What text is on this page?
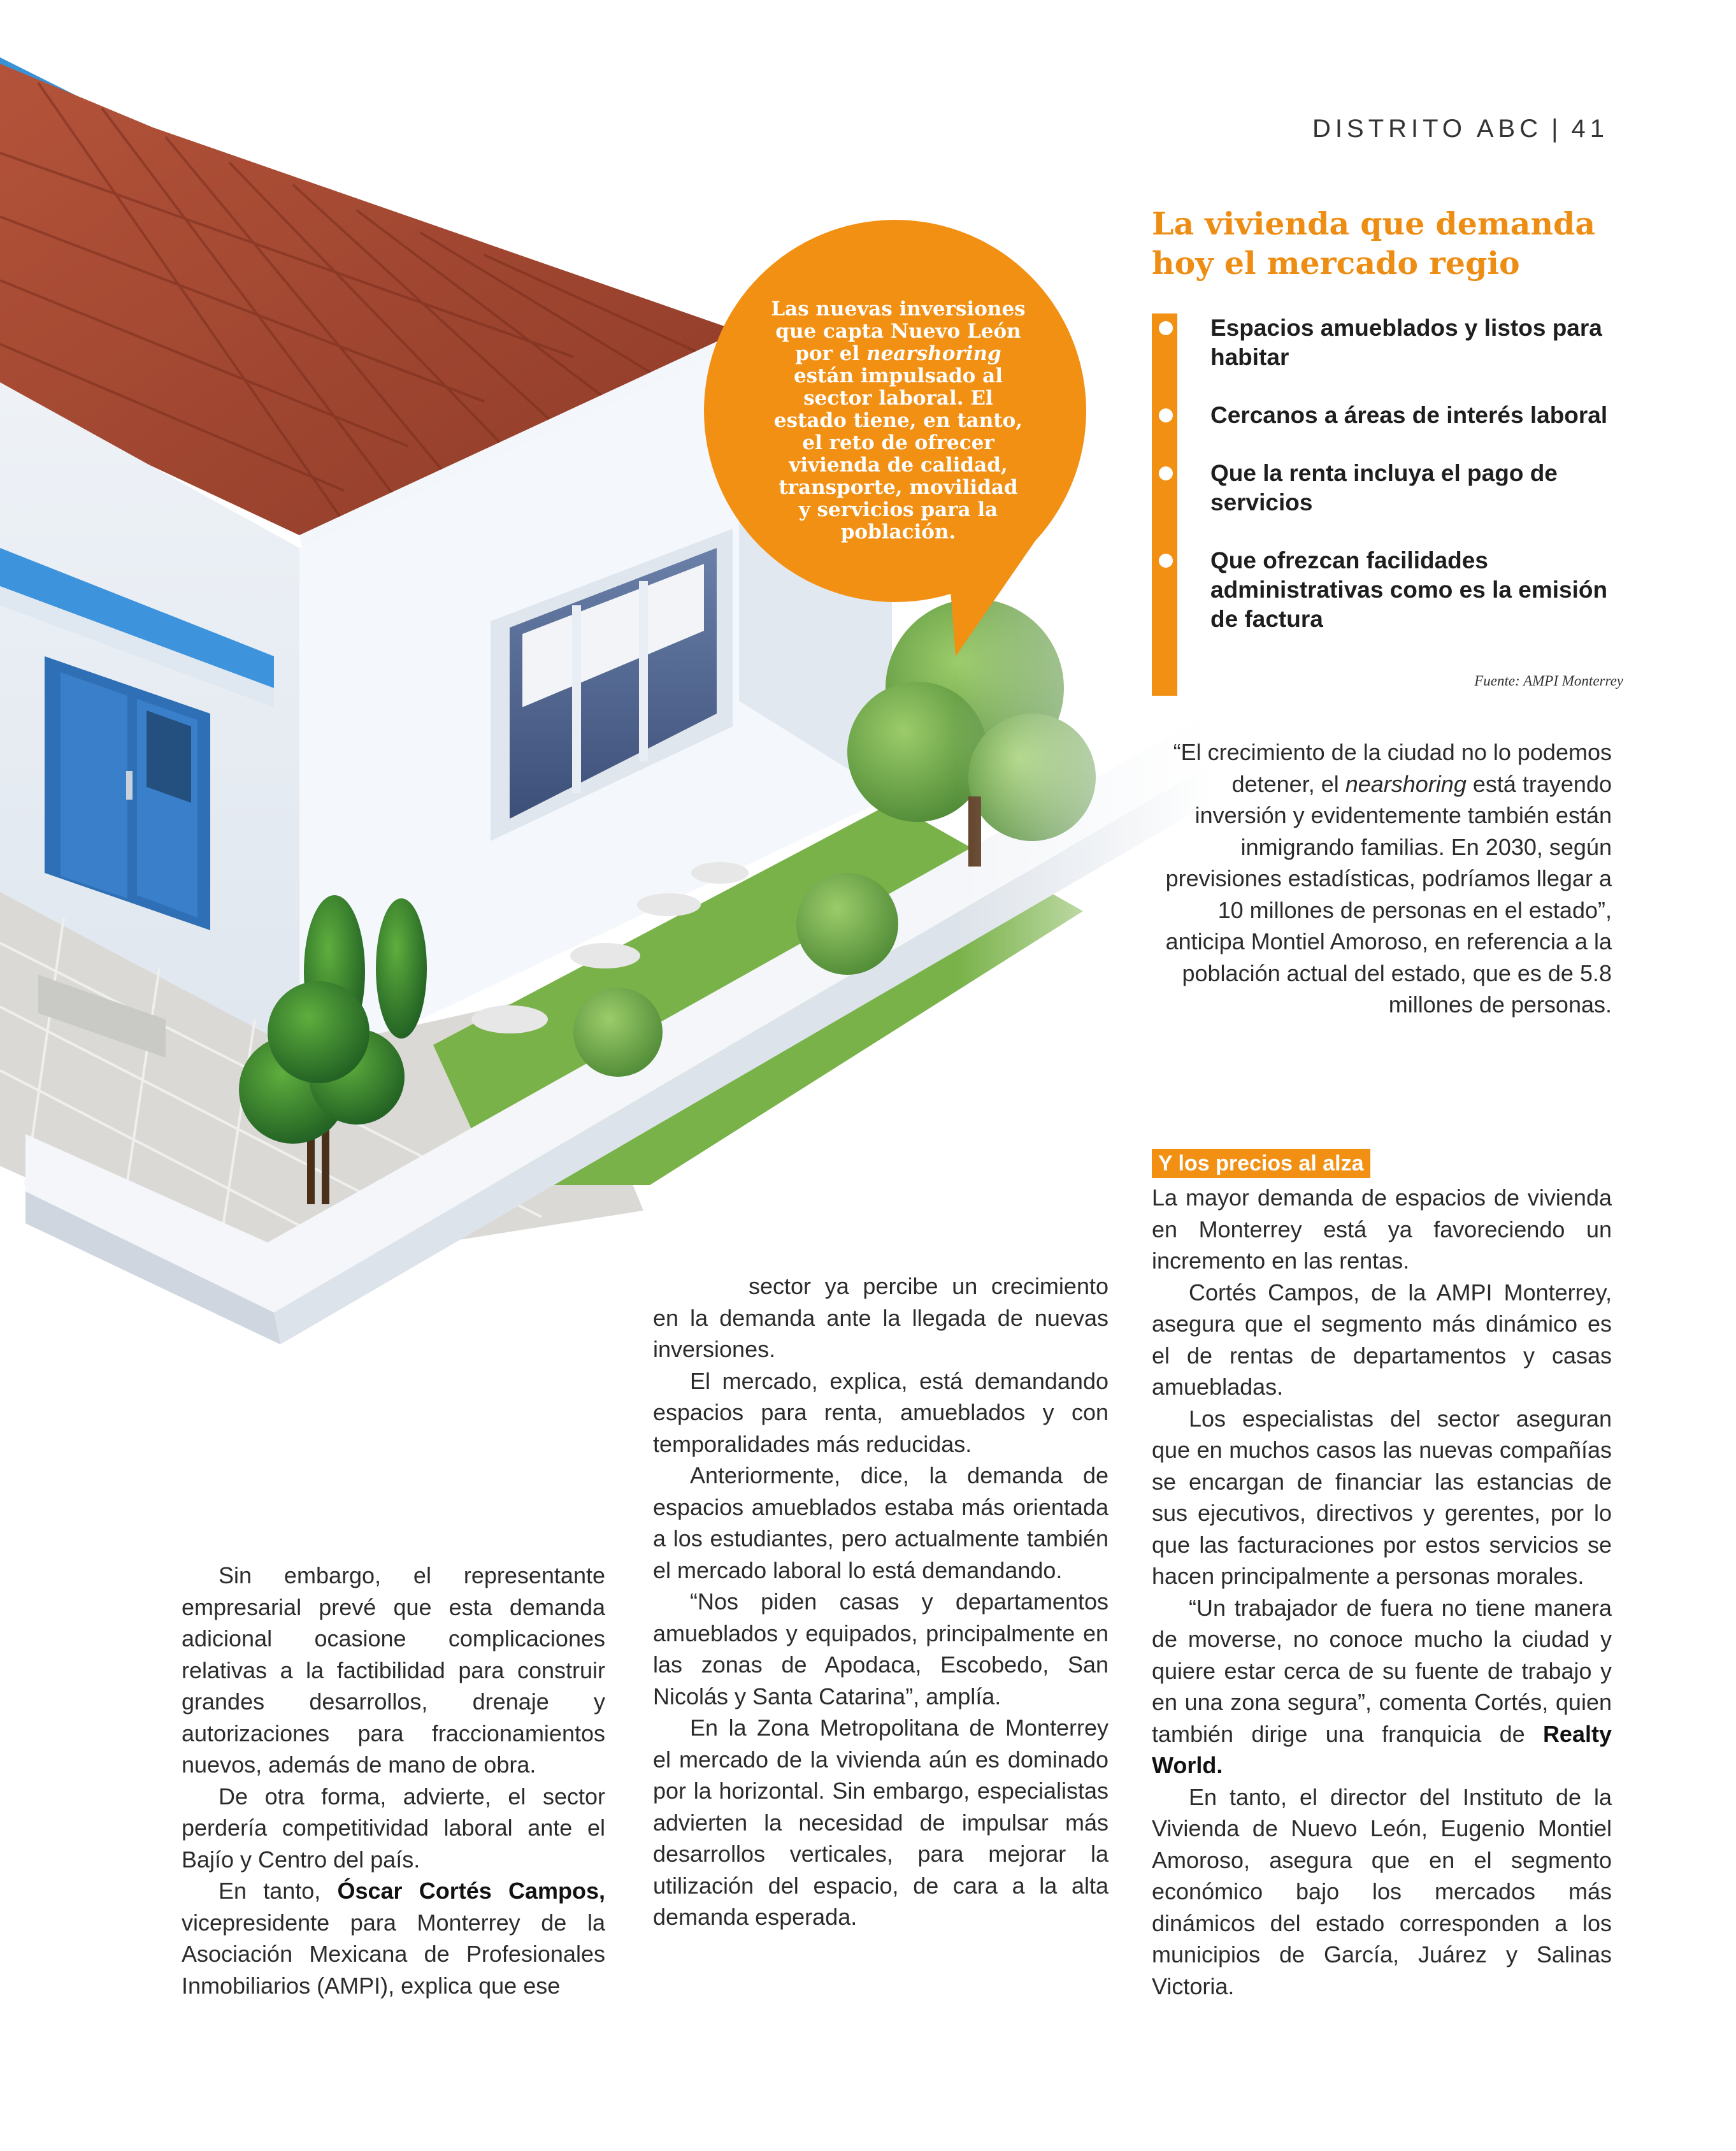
DISTRITO ABC | 41
Las nuevas inversiones que capta Nuevo León por el nearshoring están impulsado al sector laboral. El estado tiene, en tanto, el reto de ofrecer vivienda de calidad, transporte, movilidad y servicios para la población.
La vivienda que demanda hoy el mercado regio
Espacios amueblados y listos para habitar
Cercanos a áreas de interés laboral
Que la renta incluya el pago de servicios
Que ofrezcan facilidades administrativas como es la emisión de factura
Fuente: AMPI Monterrey

“El crecimiento de la ciudad no lo podemos detener, el nearshoring está trayendo inversión y evidentemente también están inmigrando familias. En 2030, según previsiones estadísticas, podríamos llegar a 10 millones de personas en el estado”, anticipa Montiel Amoroso, en referencia a la población actual del estado, que es de 5.8 millones de personas.

Y los precios al alza

La mayor demanda de espacios de vivienda en Monterrey está ya favoreciendo un incremento en las rentas.

Cortés Campos, de la AMPI Monterrey, asegura que el segmento más dinámico es el de rentas de departamentos y casas amuebladas.

Los especialistas del sector aseguran que en muchos casos las nuevas compañías se encargan de financiar las estancias de sus ejecutivos, directivos y gerentes, por lo que las facturaciones por estos servicios se hacen principalmente a personas morales.

“Un trabajador de fuera no tiene manera de moverse, no conoce mucho la ciudad y quiere estar cerca de su fuente de trabajo y en una zona segura”, comenta Cortés, quien también dirige una franquicia de Realty World.

En tanto, el director del Instituto de la Vivienda de Nuevo León, Eugenio Montiel Amoroso, asegura que en el segmento económico bajo los mercados más dinámicos del estado corresponden a los municipios de García, Juárez y Salinas Victoria.

sector ya percibe un crecimiento en la demanda ante la llegada de nuevas inversiones.

El mercado, explica, está demandando espacios para renta, amueblados y con temporalidades más reducidas.

Anteriormente, dice, la demanda de espacios amueblados estaba más orientada a los estudiantes, pero actualmente también el mercado laboral lo está demandando.

“Nos piden casas y departamentos amueblados y equipados, principalmente en las zonas de Apodaca, Escobedo, San Nicolás y Santa Catarina”, amplía.

En la Zona Metropolitana de Monterrey el mercado de la vivienda aún es dominado por la horizontal. Sin embargo, especialistas advierten la necesidad de impulsar más desarrollos verticales, para mejorar la utilización del espacio, de cara a la alta demanda esperada.

Sin embargo, el representante empresarial prevé que esta demanda adicional ocasione complicaciones relativas a la factibilidad para construir grandes desarrollos, drenaje y autorizaciones para fraccionamientos nuevos, además de mano de obra.

De otra forma, advierte, el sector perdería competitividad laboral ante el Bajío y Centro del país.

En tanto, Óscar Cortés Campos, vicepresidente para Monterrey de la Asociación Mexicana de Profesionales Inmobiliarios (AMPI), explica que ese
